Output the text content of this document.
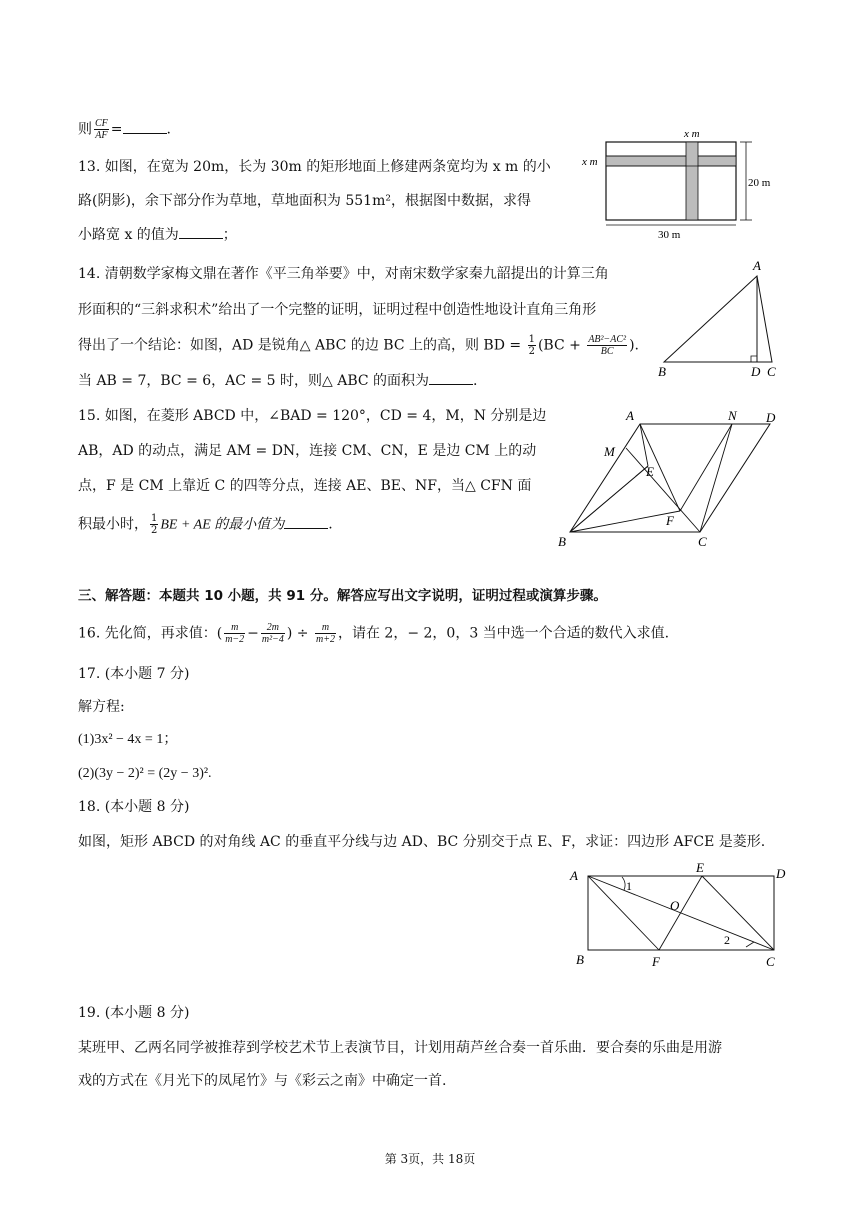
则 $\frac{CF}{AF}$ =	.
13. 如图，在宽为 20m，长为 30m 的矩形地面上修建两条宽均为 x m 的小
路(阴影)，余下部分作为草地，草地面积为 551m²，根据图中数据，求得
小路宽 x 的值为	；
x m
x m
20 m
30 m
14. 清朝数学家梅文鼎在著作《平三角举要》中，对南宋数学家秦九韶提出的计算三角
形面积的“三斜求积术”给出了一个完整的证明，证明过程中创造性地设计直角三角形
得出了一个结论：如图，AD 是锐角△ ABC 的边 BC 上的高，则 BD = $\frac{1}{2} (BC + \frac{\text{AB²−AC²}}{BC}$ ).
当 AB = 7，BC = 6，AC = 5 时，则△ ABC 的面积为	.
A
B	D C
15. 如图，在菱形 ABCD 中，∠BAD = 120°，CD = 4，M，N 分别是边
AB，AD 的动点，满足 AM = DN，连接 CM、CN，E 是边 CM 上的动
点，F 是 CM 上靠近 C 的四等分点，连接 AE、BE、NF，当△ CFN 面
积最小时， $\frac{1}{2}$ BE + AE 的最小值为	.
A	N D
M
E
F
B	C
三、解答题：本题共 10 小题，共 91 分。解答应写出文字说明，证明过程或演算步骤。
16. 先化简，再求值：( $\frac{m}{m-2} - \frac{2m}{\text{m²−4}}$ ) ÷ $\frac{m}{m+2}$ ，请在 2，− 2，0，3 当中选一个合适的数代入求值.
17. (本小题 7 分)
解方程:
(1)3x² − 4x = 1；
(2)(3y − 2)² = (2y − 3)².
18. (本小题 8 分)
如图，矩形 ABCD 的对角线 AC 的垂直平分线与边 AD、BC 分别交于点 E、F，求证：四边形 AFCE 是菱形.
A
E	D
O
1
2
B	F	C
19. (本小题 8 分)
某班甲、乙两名同学被推荐到学校艺术节上表演节目，计划用葫芦丝合奏一首乐曲．要合奏的乐曲是用游
戏的方式在《月光下的凤尾竹》与《彩云之南》中确定一首.
第 3页，共 18页
